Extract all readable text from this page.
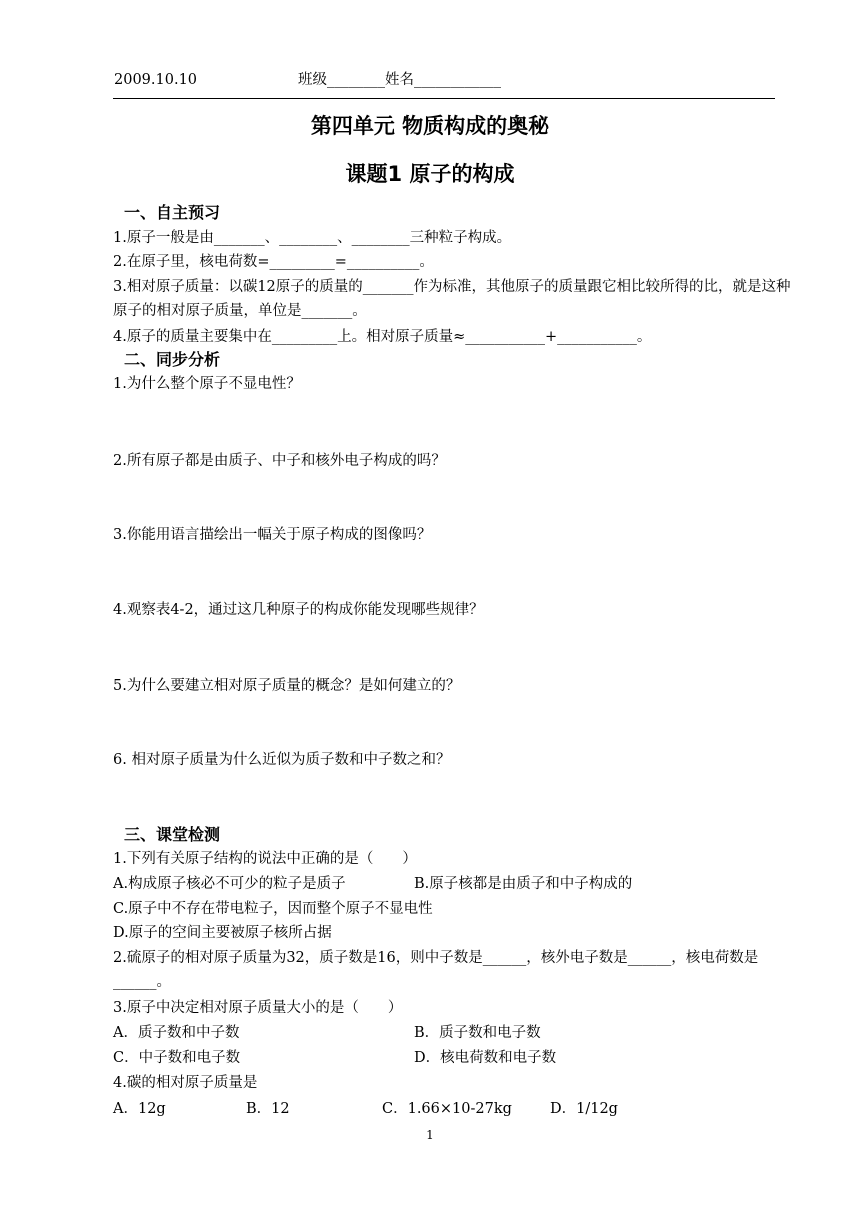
2009.10.10	班级________姓名____________
第四单元 物质构成的奥秘
课题1 原子的构成
一、自主预习
1.原子一般是由_______、________、________三种粒子构成。
2.在原子里，核电荷数=_________=__________。
3.相对原子质量：以碳12原子的质量的_______作为标准，其他原子的质量跟它相比较所得的比，就是这种原子的相对原子质量，单位是_______。
4.原子的质量主要集中在_________上。相对原子质量≈___________+___________。
二、同步分析
1.为什么整个原子不显电性？
2.所有原子都是由质子、中子和核外电子构成的吗？
3.你能用语言描绘出一幅关于原子构成的图像吗？
4.观察表4-2，通过这几种原子的构成你能发现哪些规律？
5.为什么要建立相对原子质量的概念？是如何建立的？
6. 相对原子质量为什么近似为质子数和中子数之和？
三、课堂检测
1.下列有关原子结构的说法中正确的是（　　）
A.构成原子核必不可少的粒子是质子	B.原子核都是由质子和中子构成的
C.原子中不存在带电粒子，因而整个原子不显电性
D.原子的空间主要被原子核所占据
2.硫原子的相对原子质量为32，质子数是16，则中子数是______，核外电子数是______，核电荷数是______。
3.原子中决定相对原子质量大小的是（　　）
A．质子数和中子数	B．质子数和电子数
C．中子数和电子数	D．核电荷数和电子数
4.碳的相对原子质量是
A．12g	B．12	C．1.66×10-27kg	D．1/12g
1
